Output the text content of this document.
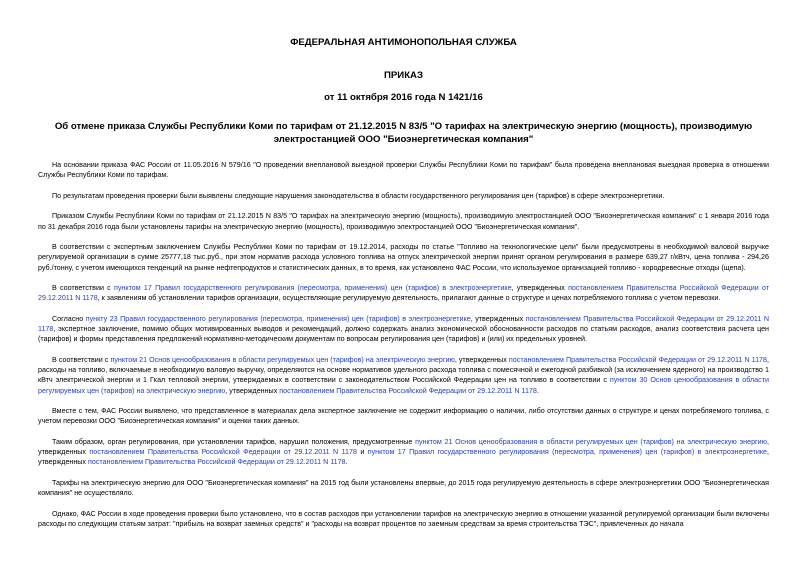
ФЕДЕРАЛЬНАЯ АНТИМОНОПОЛЬНАЯ СЛУЖБА
ПРИКАЗ
от 11 октября 2016 года N 1421/16
Об отмене приказа Службы Республики Коми по тарифам от 21.12.2015 N 83/5 "О тарифах на электрическую энергию (мощность), производимую электростанцией ООО "Биоэнергетическая компания"

На основании приказа ФАС России от 11.05.2016 N 579/16 "О проведении внеплановой выездной проверки Службы Республики Коми по тарифам" была проведена внеплановая выездная проверка в отношении Службы Республики Коми по тарифам.

По результатам проведения проверки были выявлены следующие нарушения законодательства в области государственного регулирования цен (тарифов) в сфере электроэнергетики.

Приказом Службы Республики Коми по тарифам от 21.12.2015 N 83/5 "О тарифах на электрическую энергию (мощность), производимую электростанцией ООО "Биоэнергетическая компания" с 1 января 2016 года по 31 декабря 2016 года были установлены тарифы на электрическую энергию (мощность), производимую электростанцией ООО "Биоэнергетическая компания".

В соответствии с экспертным заключением Службы Республики Коми по тарифам от 19.12.2014, расходы по статье "Топливо на технологические цели" были предусмотрены в необходимой валовой выручке регулируемой организации в сумме 25777,18 тыс.руб., при этом норматив расхода условного топлива на отпуск электрической энергии принят органом регулирования в размере 639,27 г/кВтч, цена топлива - 294,26 руб./тонну, с учетом имеющихся тенденций на рынке нефтепродуктов и статистических данных, в то время, как установлено ФАС России, что используемое организацией топливо - кородревесные отходы (щепа).

В соответствии с пунктом 17 Правил государственного регулирования (пересмотра, применения) цен (тарифов) в электроэнергетике, утвержденных постановлением Правительства Российской Федерации от 29.12.2011 N 1178, к заявлениям об установлении тарифов организации, осуществляющие регулируемую деятельность, прилагают данные о структуре и ценах потребляемого топлива с учетом перевозки.

Согласно пункту 23 Правил государственного регулирования (пересмотра, применения) цен (тарифов) в электроэнергетике, утвержденных постановлением Правительства Российской Федерации от 29.12.2011 N 1178, экспертное заключение, помимо общих мотивированных выводов и рекомендаций, должно содержать анализ экономической обоснованности расходов по статьям расходов, анализ соответствия расчета цен (тарифов) и формы представления предложений нормативно-методическим документам по вопросам регулирования цен (тарифов) и (или) их предельных уровней.

В соответствии с пунктом 21 Основ ценообразования в области регулируемых цен (тарифов) на электрическую энергию, утвержденных постановлением Правительства Российской Федерации от 29.12.2011 N 1178, расходы на топливо, включаемые в необходимую валовую выручку, определяются на основе нормативов удельного расхода топлива с помесячной и ежегодной разбивкой (за исключением ядерного) на производство 1 кВтч электрической энергии и 1 Гкал тепловой энергии, утверждаемых в соответствии с законодательством Российской Федерации цен на топливо в соответствии с пунктом 30 Основ ценообразования в области регулируемых цен (тарифов) на электрическую энергию, утвержденных постановлением Правительства Российской Федерации от 29.12.2011 N 1178.

Вместе с тем, ФАС России выявлено, что представленное в материалах дела экспертное заключение не содержит информацию о наличии, либо отсутствии данных о структуре и ценах потребляемого топлива, с учетом перевозки ООО "Биоэнергетическая компания" и оценки таких данных.

Таким образом, орган регулирования, при установлении тарифов, нарушил положения, предусмотренные пунктом 21 Основ ценообразования в области регулируемых цен (тарифов) на электрическую энергию, утвержденных постановлением Правительства Российской Федерации от 29.12.2011 N 1178 и пунктом 17 Правил государственного регулирования (пересмотра, применения) цен (тарифов) в электроэнергетике, утвержденных постановлением Правительства Российской Федерации от 29.12.2011 N 1178.

Тарифы на электрическую энергию для ООО "Биоэнергетическая компания" на 2015 год были установлены впервые, до 2015 года регулируемую деятельность в сфере электроэнергетики ООО "Биоэнергетическая компания" не осуществляло.

Однако, ФАС России в ходе проведения проверки было установлено, что в состав расходов при установлении тарифов на электрическую энергию в отношении указанной регулируемой организации были включены расходы по следующим статьям затрат: "прибыль на возврат заемных средств" и "расходы на возврат процентов по заемным средствам за время строительства ТЭС", привлеченных до начала
